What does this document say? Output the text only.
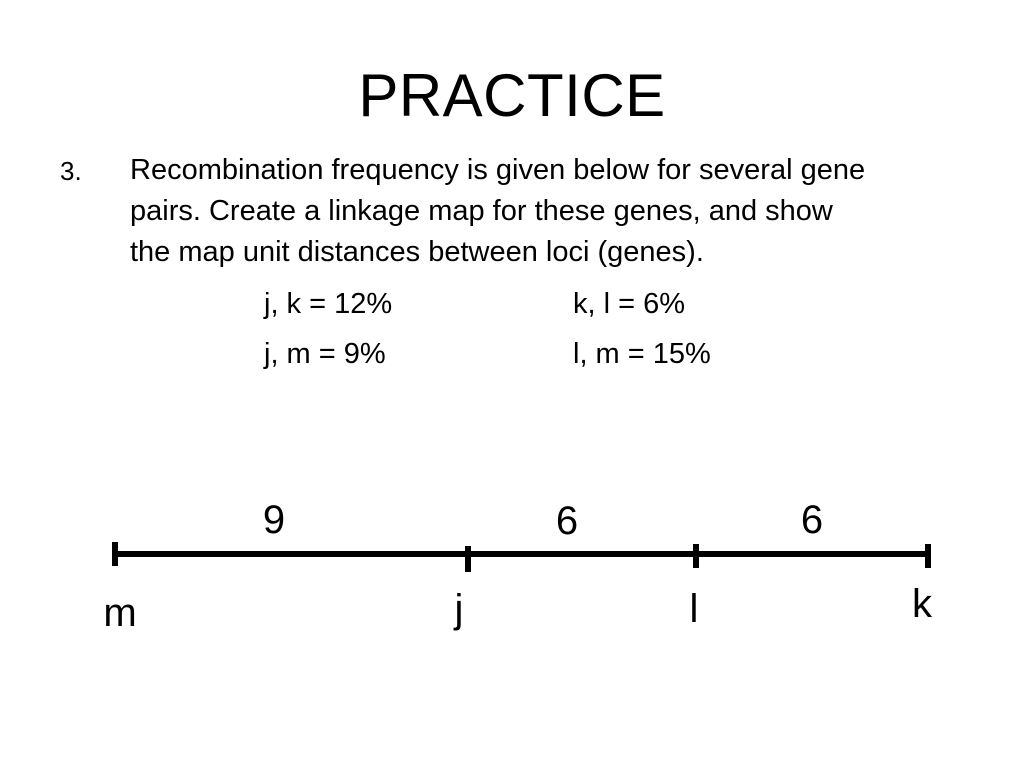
PRACTICE
3. Recombination frequency is given below for several gene
pairs. Create a linkage map for these genes, and show
the map unit distances between loci (genes).
j, k = 12%	k, l = 6%
j, m = 9%	l, m = 15%
m	j	l	k
9	6	6
